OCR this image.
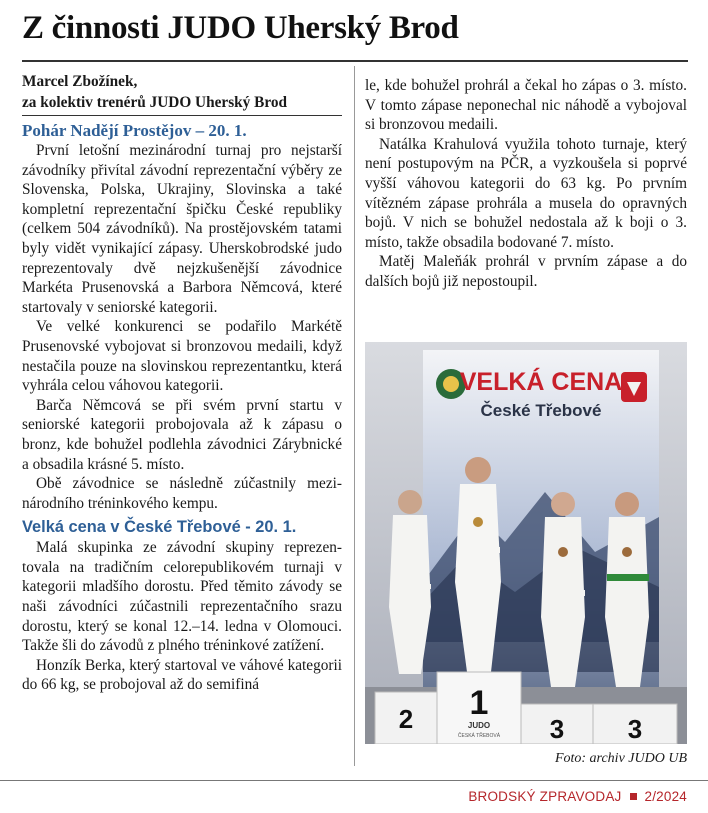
Z činnosti JUDO Uherský Brod
Marcel Zbožínek,
za kolektiv trenérů JUDO Uherský Brod
Pohár Nadějí Prostějov – 20. 1.

První letošní mezinárodní turnaj pro nejstarší závodníky přivítal závodní reprezentační výběry ze Slovenska, Polska, Ukrajiny, Slovinska a také kompletní reprezentační špičku České republiky (celkem 504 závodníků). Na prostějovském tatami byly vidět vynikající zápasy. Uherskobrodské judo reprezentovaly dvě nejzkušenější závodnice Markéta Prusenovská a Barbora Němcová, které startovaly v seniorské kategorii.

Ve velké konkurenci se podařilo Markétě Prusenovské vybojovat si bronzovou medaili, když nestačila pouze na slovinskou reprezentantku, která vyhrála celou váhovou kategorii.

Barča Němcová se při svém první startu v seniorské kategorii probojovala až k zápasu o bronz, kde bohužel podlehla závodnici Zárybnické a obsadila krásné 5. místo.

Obě závodnice se následně zúčastnily mezinárodního tréninkového kempu.

Velká cena v České Třebové - 20. 1.

Malá skupinka ze závodní skupiny reprezentovala na tradičním celorepublikovém turnaji v kategorii mladšího dorostu. Před těmito závody se naši závodníci zúčastnili reprezentačního srazu dorostu, který se konal 12.–14. ledna v Olomouci. Takže šli do závodů z plného tréninkové zatížení.

Honzík Berka, který startoval ve váhové kategorii do 66 kg, se probojoval až do semifiná

le, kde bohužel prohrál a čekal ho zápas o 3. místo. V tomto zápase neponechal nic náhodě a vybojoval si bronzovou medaili.

Natálka Krahulová využila tohoto turnaje, který není postupovým na PČR, a vyzkoušela si poprvé vyšší váhovou kategorii do 63 kg. Po prvním vítězném zápase prohrála a musela do opravných bojů. V nich se bohužel nedostala až k boji o 3. místo, takže obsadila bodované 7. místo.

Matěj Maleňák prohrál v prvním zápase a do dalších bojů již nepostoupil.

VELKÁ CENA
České Třebové
2 1
JUDO
ČESKÁ TŘEBOVÁ 3 3
Foto: archiv JUDO UB
BRODSKÝ ZPRAVODAJ 2/2024
